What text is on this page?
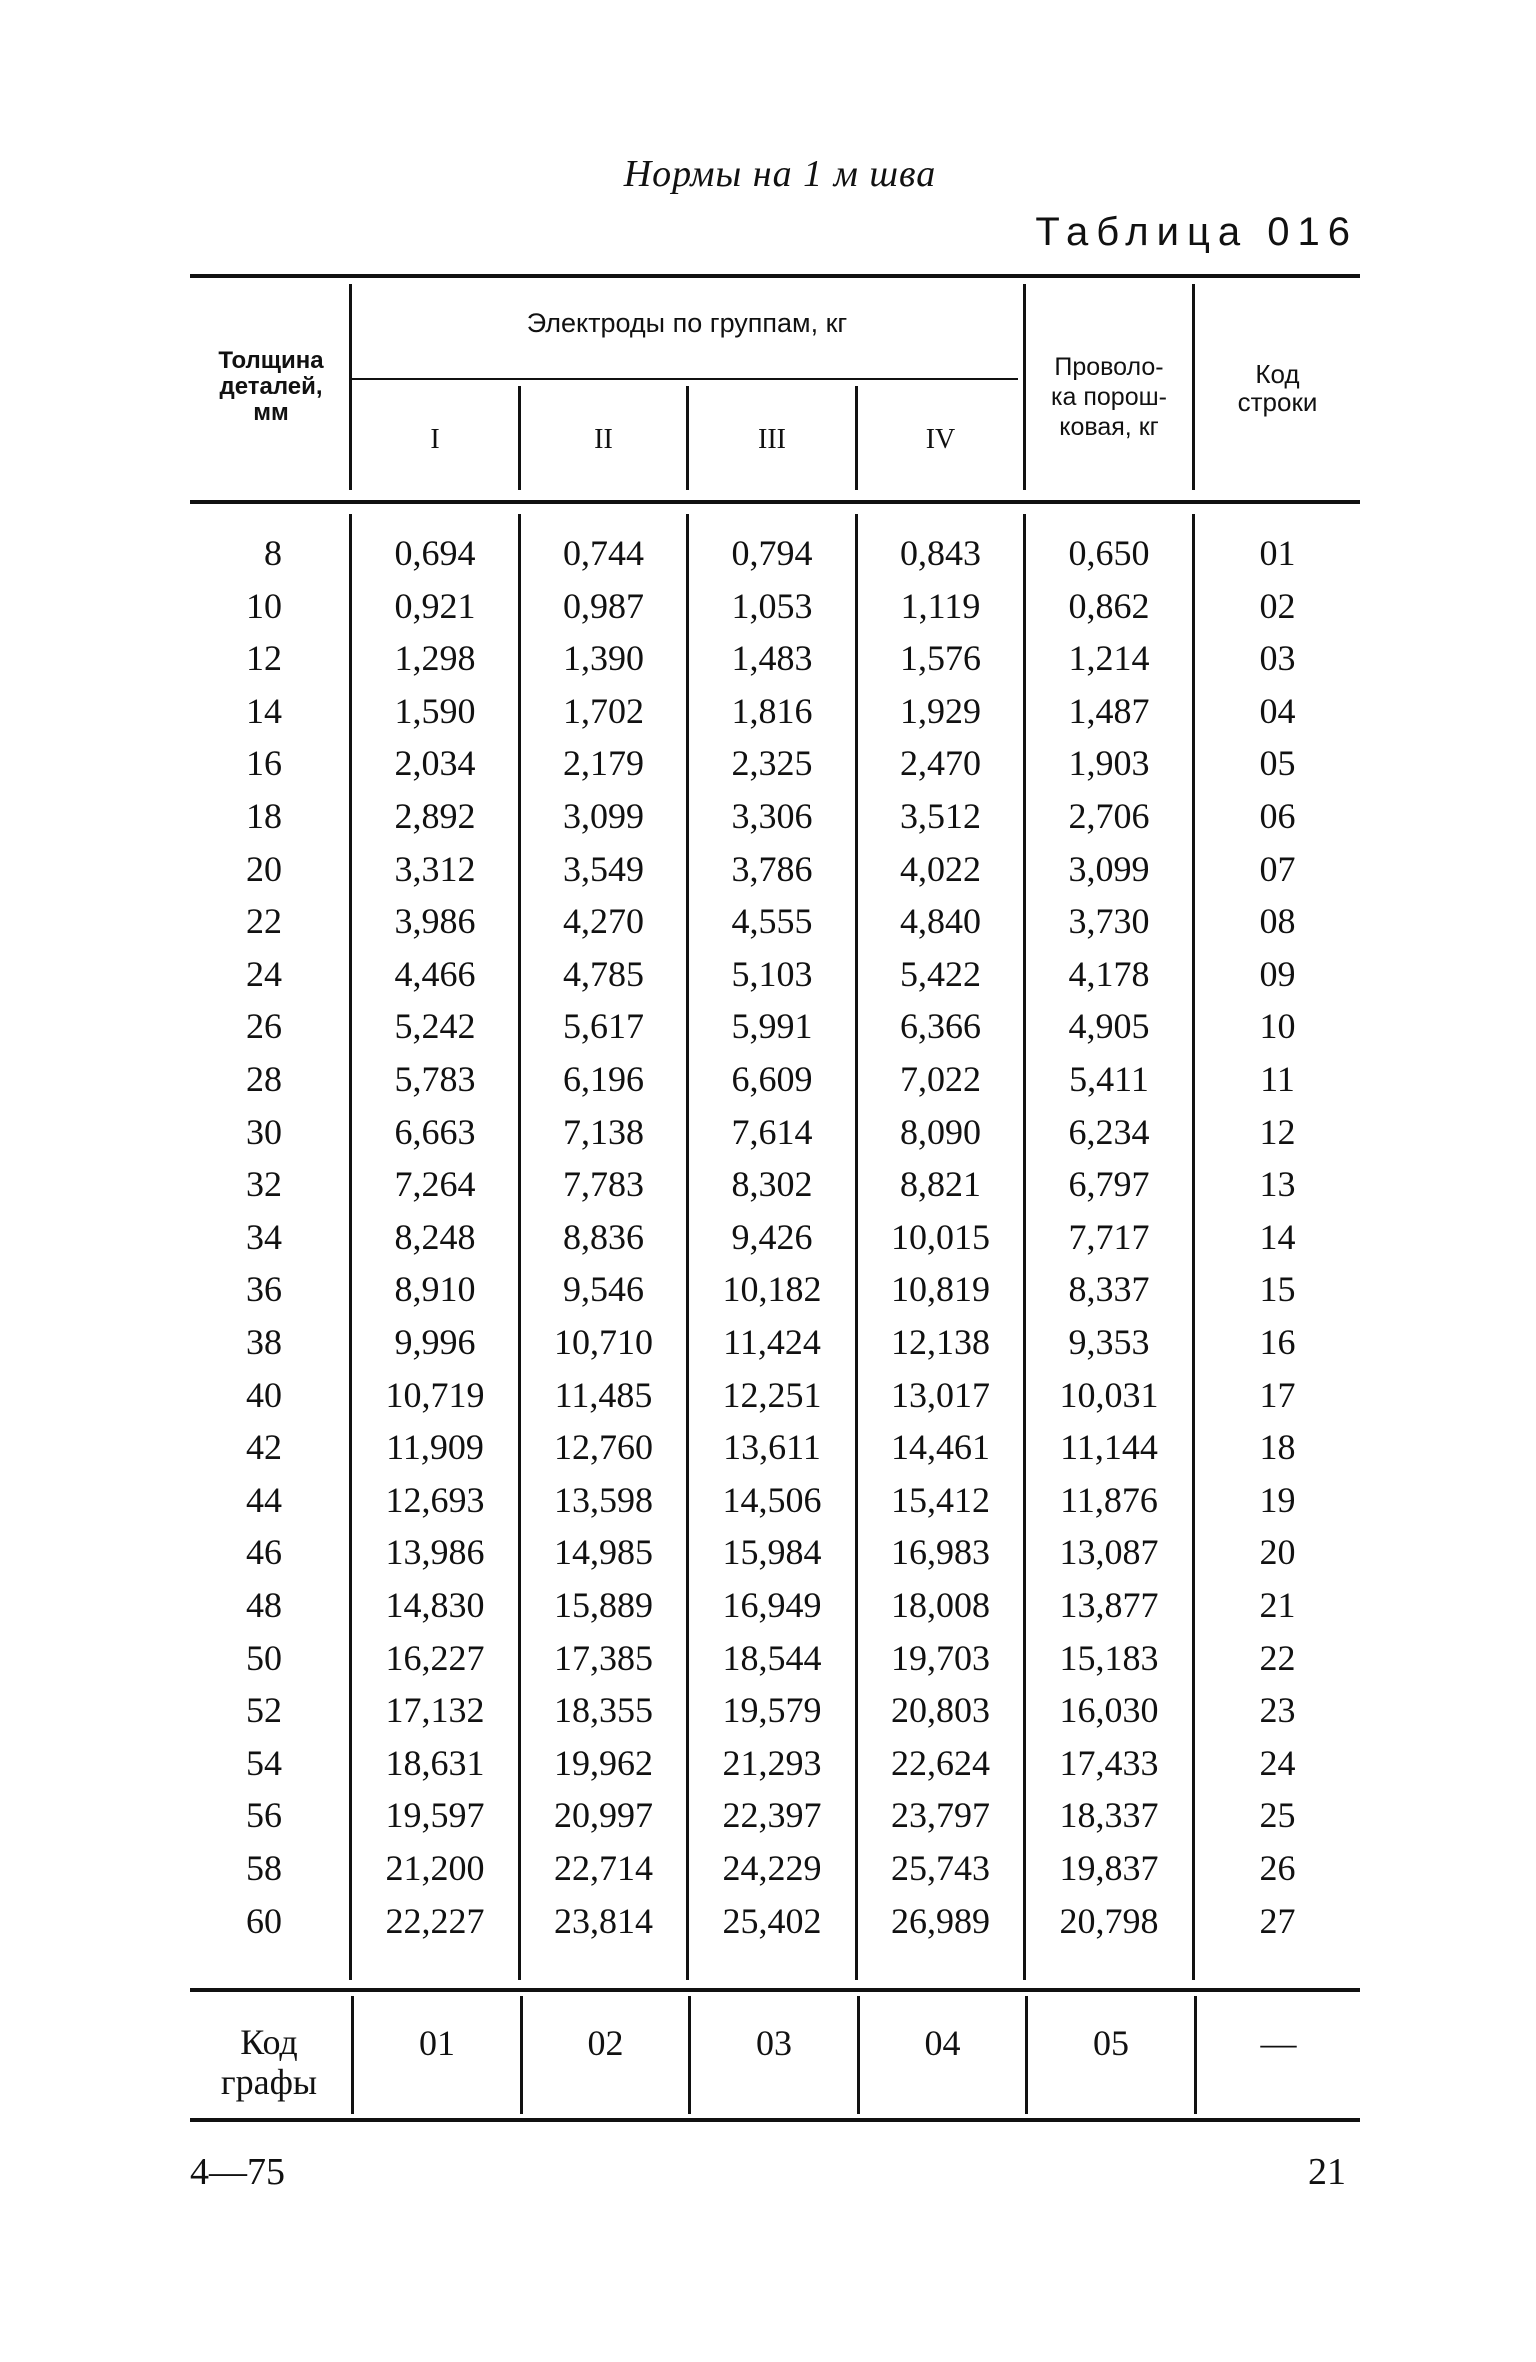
Нормы на 1 м шва
Таблица 016
Толщина
деталей,
мм
Электроды по группам, кг
I	II	III	IV
Проволо-
ка порош-
ковая, кг
Код
строки
8	0,694	0,744	0,794	0,843	0,650	01
10	0,921	0,987	1,053	1,119	0,862	02
12	1,298	1,390	1,483	1,576	1,214	03
14	1,590	1,702	1,816	1,929	1,487	04
16	2,034	2,179	2,325	2,470	1,903	05
18	2,892	3,099	3,306	3,512	2,706	06
20	3,312	3,549	3,786	4,022	3,099	07
22	3,986	4,270	4,555	4,840	3,730	08
24	4,466	4,785	5,103	5,422	4,178	09
26	5,242	5,617	5,991	6,366	4,905	10
28	5,783	6,196	6,609	7,022	5,411	11
30	6,663	7,138	7,614	8,090	6,234	12
32	7,264	7,783	8,302	8,821	6,797	13
34	8,248	8,836	9,426	10,015	7,717	14
36	8,910	9,546	10,182	10,819	8,337	15
38	9,996	10,710	11,424	12,138	9,353	16
40	10,719	11,485	12,251	13,017	10,031	17
42	11,909	12,760	13,611	14,461	11,144	18
44	12,693	13,598	14,506	15,412	11,876	19
46	13,986	14,985	15,984	16,983	13,087	20
48	14,830	15,889	16,949	18,008	13,877	21
50	16,227	17,385	18,544	19,703	15,183	22
52	17,132	18,355	19,579	20,803	16,030	23
54	18,631	19,962	21,293	22,624	17,433	24
56	19,597	20,997	22,397	23,797	18,337	25
58	21,200	22,714	24,229	25,743	19,837	26
60	22,227	23,814	25,402	26,989	20,798	27
Код
графы
01	02	03	04	05	—
4—75	21
